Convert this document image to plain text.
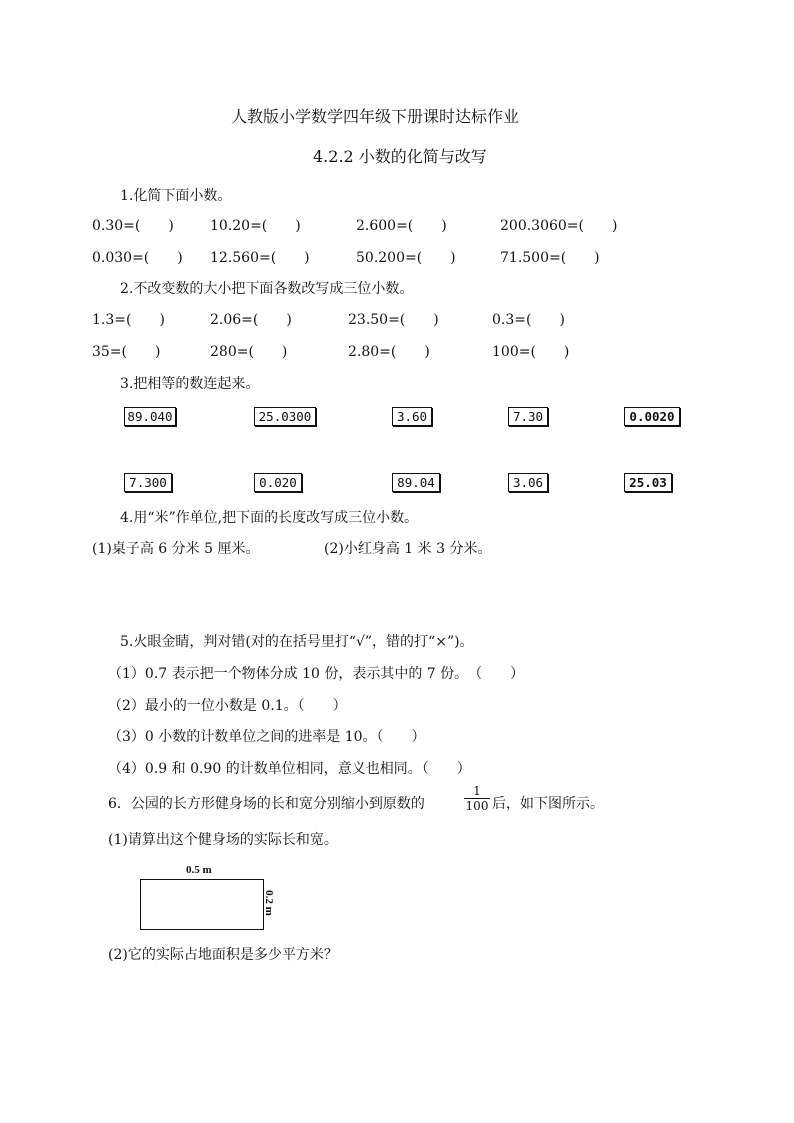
人教版小学数学四年级下册课时达标作业
4.2.2 小数的化简与改写
1.化简下面小数。
0.30=(　　)	10.20=(　　)	2.600=(　　)	200.3060=(　　)
0.030=(　　) 12.560=(　　)	50.200=(　　)	71.500=(　　)
2.不改变数的大小把下面各数改写成三位小数。
1.3=(　　)	2.06=(　　)	23.50=(　　)	0.3=(　　)
35=(　　)	280=(　　)	2.80=(　　)	100=(　　)
3.把相等的数连起来。
89.040	25.0300	3.60	7.30	0.0020
7.300	0.020	89.04	3.06	25.03
4.用“米”作单位,把下面的长度改写成三位小数。
(1)桌子高 6 分米 5 厘米。	(2)小红身高 1 米 3 分米。
5.火眼金睛，判对错(对的在括号里打“√”，错的打“×”)。
（1）0.7 表示把一个物体分成 10 份，表示其中的 7 份。　（　　）
（2）最小的一位小数是 0.1。（　　）
（3）0 小数的计数单位之间的进率是 10。（　　）
（4）0.9 和 0.90 的计数单位相同，意义也相同。（　　）
6．公园的长方形健身场的长和宽分别缩小到原数的
1
100 后，如下图所示。
(1)请算出这个健身场的实际长和宽。
0.5 m
0.2 m
(2)它的实际占地面积是多少平方米？
